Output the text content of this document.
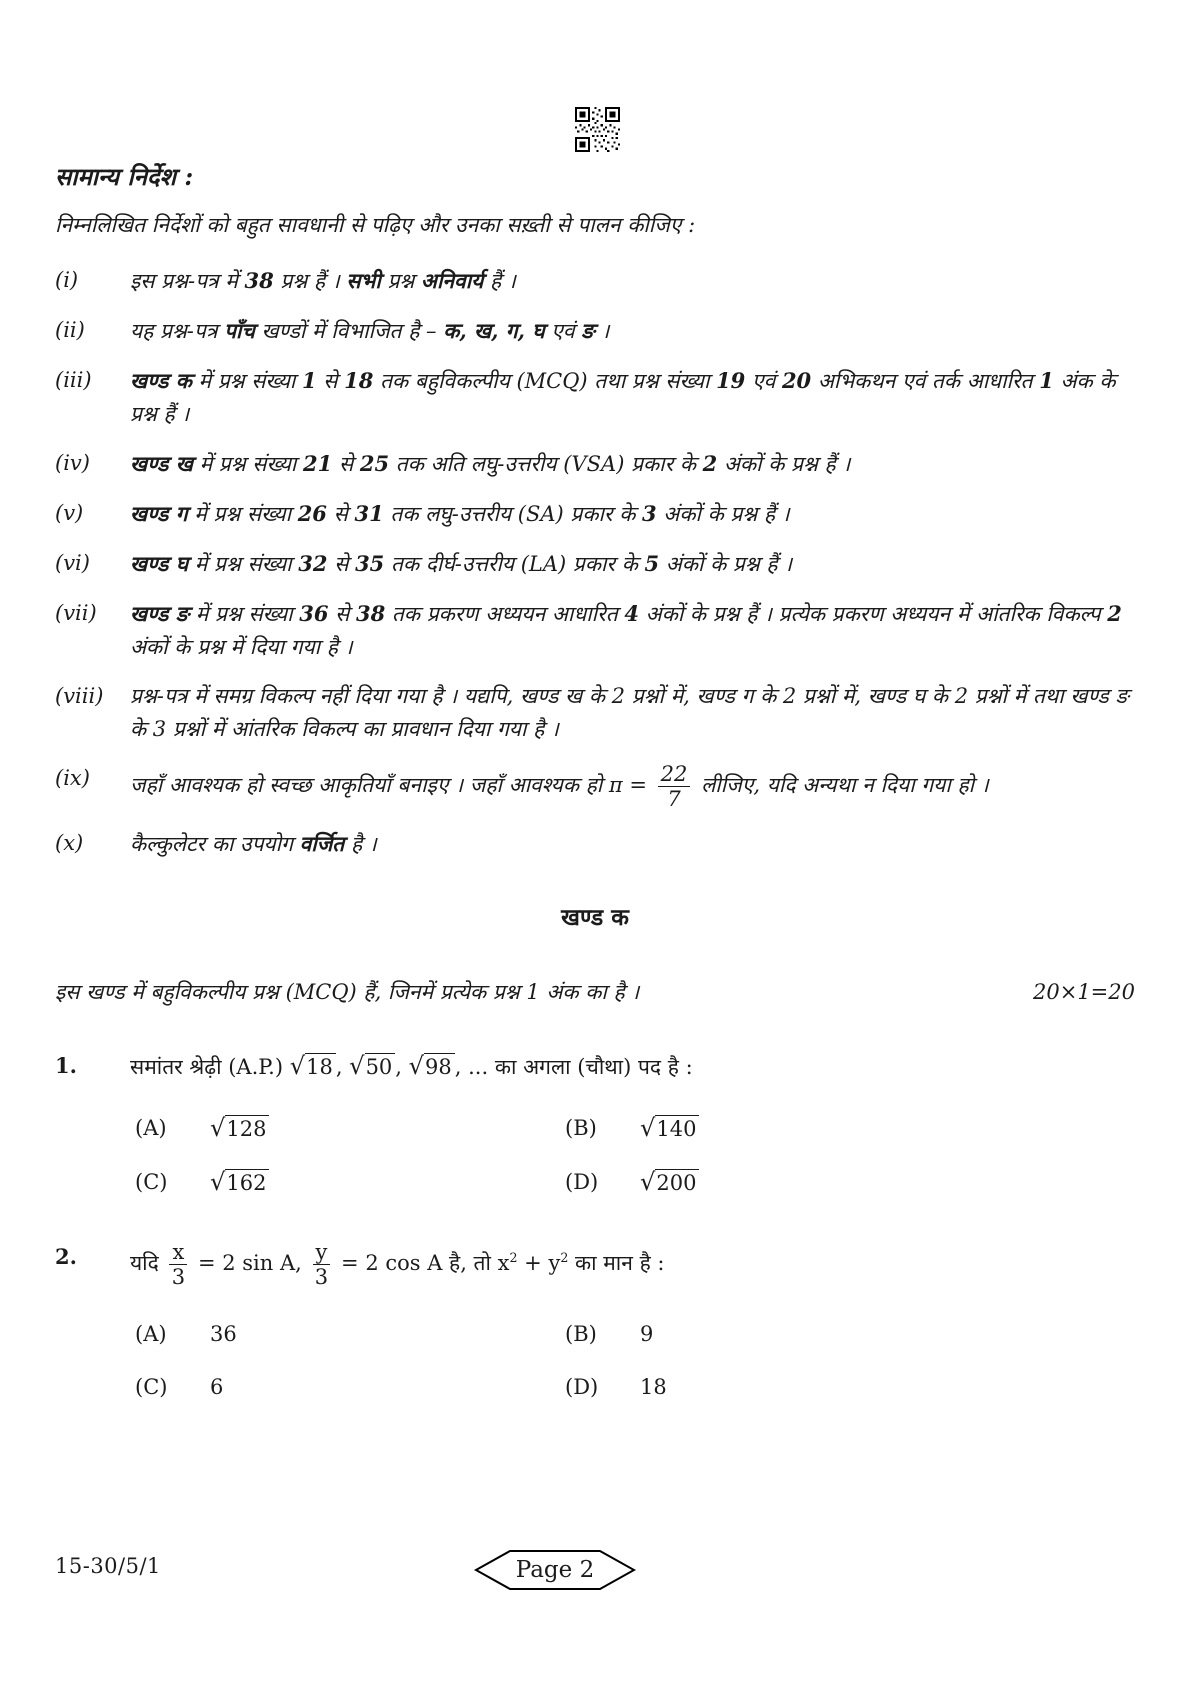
सामान्य निर्देश :
निम्नलिखित निर्देशों को बहुत सावधानी से पढ़िए और उनका सख़्ती से पालन कीजिए :
(i)	इस प्रश्न-पत्र में 38 प्रश्न हैं । सभी प्रश्न अनिवार्य हैं ।
(ii)	यह प्रश्न-पत्र पाँच खण्डों में विभाजित है – क, ख, ग, घ एवं ङ ।
(iii)	खण्ड क में प्रश्न संख्या 1 से 18 तक बहुविकल्पीय (MCQ) तथा प्रश्न संख्या 19 एवं 20 अभिकथन एवं तर्क आधारित 1 अंक के प्रश्न हैं ।
(iv)	खण्ड ख में प्रश्न संख्या 21 से 25 तक अति लघु-उत्तरीय (VSA) प्रकार के 2 अंकों के प्रश्न हैं ।
(v)	खण्ड ग में प्रश्न संख्या 26 से 31 तक लघु-उत्तरीय (SA) प्रकार के 3 अंकों के प्रश्न हैं ।
(vi)	खण्ड घ में प्रश्न संख्या 32 से 35 तक दीर्घ-उत्तरीय (LA) प्रकार के 5 अंकों के प्रश्न हैं ।
(vii)	खण्ड ङ में प्रश्न संख्या 36 से 38 तक प्रकरण अध्ययन आधारित 4 अंकों के प्रश्न हैं । प्रत्येक प्रकरण अध्ययन में आंतरिक विकल्प 2 अंकों के प्रश्न में दिया गया है ।
(viii)	प्रश्न-पत्र में समग्र विकल्प नहीं दिया गया है । यद्यपि, खण्ड ख के 2 प्रश्नों में, खण्ड ग के 2 प्रश्नों में, खण्ड घ के 2 प्रश्नों में तथा खण्ड ङ के 3 प्रश्नों में आंतरिक विकल्प का प्रावधान दिया गया है ।
(ix)	जहाँ आवश्यक हो स्वच्छ आकृतियाँ बनाइए । जहाँ आवश्यक हो $\pi = \frac{22}{7}$ लीजिए, यदि अन्यथा न दिया गया हो ।
(x)	कैल्कुलेटर का उपयोग वर्जित है ।
खण्ड क
इस खण्ड में बहुविकल्पीय प्रश्न (MCQ) हैं, जिनमें प्रत्येक प्रश्न 1 अंक का है ।	20×1=20
1.	समांतर श्रेढ़ी (A.P.) √18 , √50 , √98 , ... का अगला (चौथा) पद है :
(A)	√128	(B)	√140
(C)	√162	(D)	√200
2.	यदि $\frac{x}{3} = 2$ sin A, $\frac{y}{3} = 2$ cos A है, तो $x^2 + y^2$ का मान है :
(A)	36	(B)	9
(C)	6	(D)	18
15-30/5/1	Page 2
